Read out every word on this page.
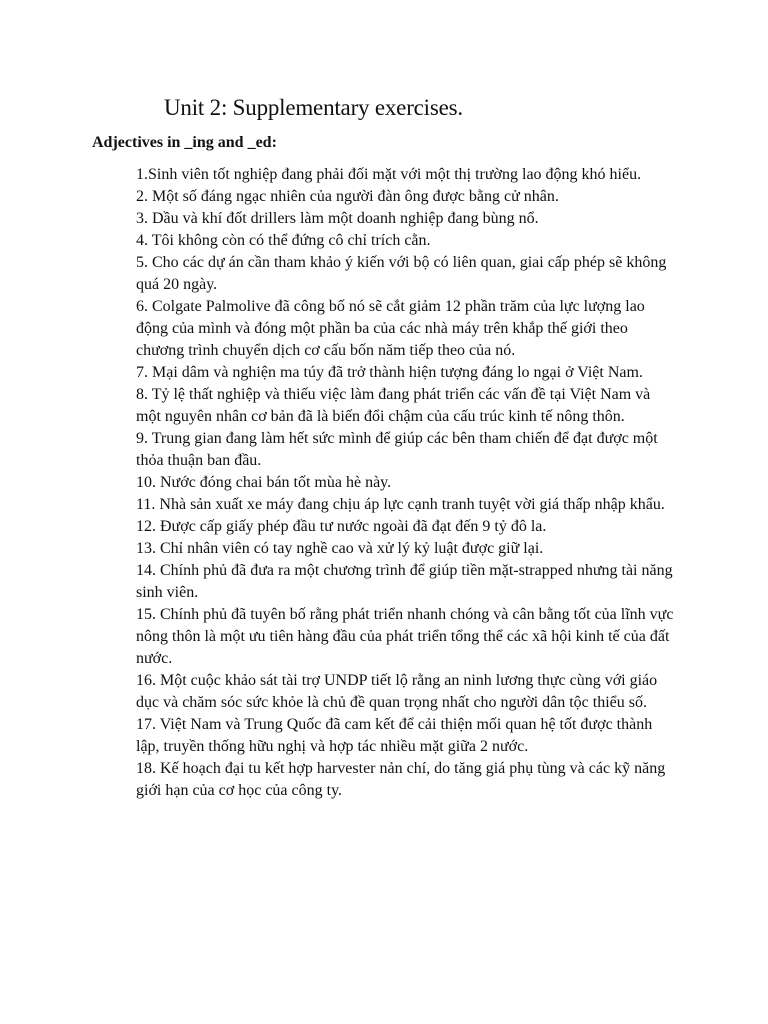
Unit 2: Supplementary exercises.
Adjectives in _ing and _ed:
1.Sinh viên tốt nghiệp đang phải đối mặt với một thị trường lao động khó hiểu.
2. Một số đáng ngạc nhiên của người đàn ông được bằng cử nhân.
3. Dầu và khí đốt drillers làm một doanh nghiệp đang bùng nổ.
4. Tôi không còn có thể đứng cô chỉ trích cằn.
5. Cho các dự án cần tham khảo ý kiến với bộ có liên quan, giai cấp phép sẽ không quá 20 ngày.
6. Colgate Palmolive đã công bố nó sẽ cắt giảm 12 phần trăm của lực lượng lao động của mình và đóng một phần ba của các nhà máy trên khắp thế giới theo chương trình chuyển dịch cơ cấu bốn năm tiếp theo của nó.
7. Mại dâm và nghiện ma túy đã trở thành hiện tượng đáng lo ngại ở Việt Nam.
8. Tỷ lệ thất nghiệp và thiếu việc làm đang phát triển các vấn đề tại Việt Nam và một nguyên nhân cơ bản đã là biến đổi chậm của cấu trúc kinh tế nông thôn.
9. Trung gian đang làm hết sức mình để giúp các bên tham chiến để đạt được một thỏa thuận ban đầu.
10. Nước đóng chai bán tốt mùa hè này.
11. Nhà sản xuất xe máy đang chịu áp lực cạnh tranh tuyệt vời giá thấp nhập khẩu.
12. Được cấp giấy phép đầu tư nước ngoài đã đạt đến 9 tỷ đô la.
13. Chỉ nhân viên có tay nghề cao và xử lý kỷ luật được giữ lại.
14. Chính phủ đã đưa ra một chương trình để giúp tiền mặt-strapped nhưng tài năng sinh viên.
15. Chính phủ đã tuyên bố rằng phát triển nhanh chóng và cân bằng tốt của lĩnh vực nông thôn là một ưu tiên hàng đầu của phát triển tổng thể các xã hội kinh tế của đất nước.
16. Một cuộc khảo sát tài trợ UNDP tiết lộ rằng an ninh lương thực cùng với giáo dục và chăm sóc sức khỏe là chủ đề quan trọng nhất cho người dân tộc thiểu số.
17. Việt Nam và Trung Quốc đã cam kết để cải thiện mối quan hệ tốt được thành lập, truyền thống hữu nghị và hợp tác nhiều mặt giữa 2 nước.
18. Kế hoạch đại tu kết hợp harvester nản chí, do tăng giá phụ tùng và các kỹ năng giới hạn của cơ học của công ty.
